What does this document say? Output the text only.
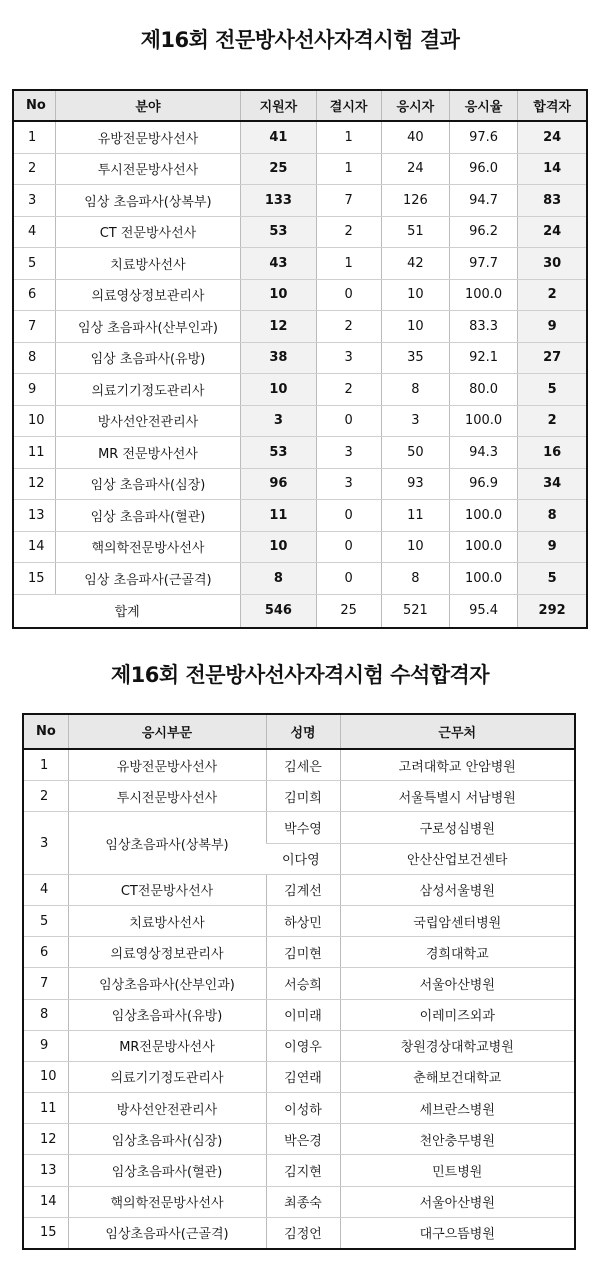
제16회 전문방사선사자격시험 결과
No	분야	지원자	결시자	응시자	응시율	합격자
1	유방전문방사선사	41	1	40	97.6	24
2	투시전문방사선사	25	1	24	96.0	14
3	임상 초음파사(상복부)	133	7	126	94.7	83
4	CT 전문방사선사	53	2	51	96.2	24
5	치료방사선사	43	1	42	97.7	30
6	의료영상정보관리사	10	0	10	100.0	2
7	임상 초음파사(산부인과)	12	2	10	83.3	9
8	임상 초음파사(유방)	38	3	35	92.1	27
9	의료기기정도관리사	10	2	8	80.0	5
10	방사선안전관리사	3	0	3	100.0	2
11	MR 전문방사선사	53	3	50	94.3	16
12	임상 초음파사(심장)	96	3	93	96.9	34
13	임상 초음파사(혈관)	11	0	11	100.0	8
14	핵의학전문방사선사	10	0	10	100.0	9
15	임상 초음파사(근골격)	8	0	8	100.0	5
합계		546	25	521	95.4	292
제16회 전문방사선사자격시험 수석합격자
No	응시부문	성명	근무처
1	유방전문방사선사	김세은	고려대학교 안암병원
2	투시전문방사선사	김미희	서울특별시 서남병원
3	임상초음파사(상복부)	박수영	구로성심병원
		이다영	안산산업보건센타
4	CT전문방사선사	김계선	삼성서울병원
5	치료방사선사	하상민	국립암센터병원
6	의료영상정보관리사	김미현	경희대학교
7	임상초음파사(산부인과)	서승희	서울아산병원
8	임상초음파사(유방)	이미래	이레미즈외과
9	MR전문방사선사	이영우	창원경상대학교병원
10	의료기기정도관리사	김연래	춘해보건대학교
11	방사선안전관리사	이성하	세브란스병원
12	임상초음파사(심장)	박은경	천안충무병원
13	임상초음파사(혈관)	김지현	민트병원
14	핵의학전문방사선사	최종숙	서울아산병원
15	임상초음파사(근골격)	김정언	대구으뜸병원
